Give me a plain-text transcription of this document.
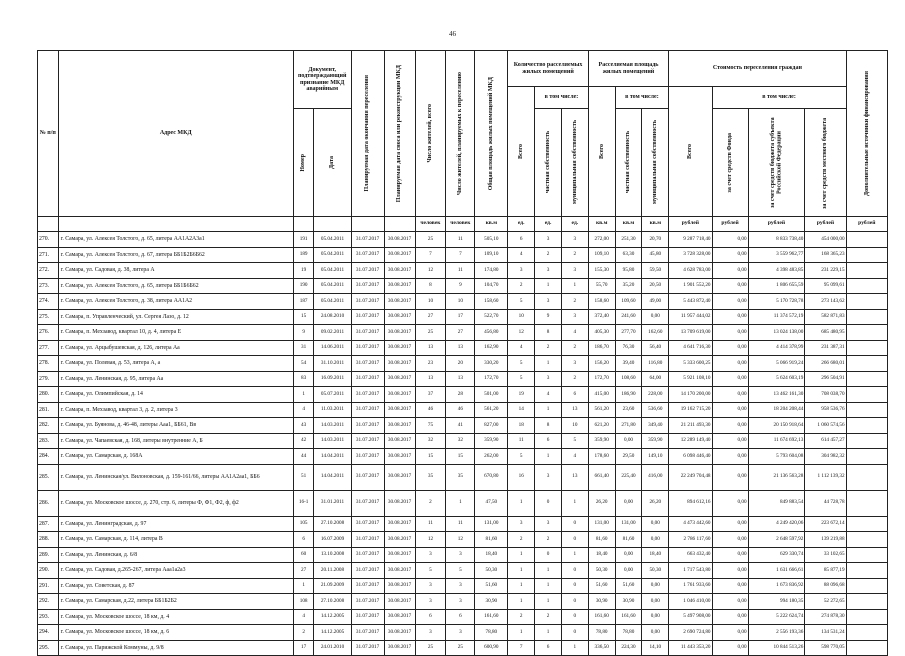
46
№ п/п	Адрес МКД	Документ, подтверждающий признание МКД аварийным		Планируемая дата окончания переселения	Планируемая дата сноса или реконструкции МКД	Число жителей, всего	Число жителей, планируемых к переселению	Общая площадь жилых помещений МКД	Количество расселяемых жилых помещений			Расселяемая площадь жилых помещений			Стоимость переселения граждан				Дополнительные источники финансирования

									Всего	в том числе:		Всего	в том числе:		Всего	в том числе:			

		Номер	Дата							частная собственность	муниципальная собственность		частная собственность	муниципальная собственность		за счет средств Фонда	за счет средств бюджета субъекта Российской Федерации	за счет средств местного бюджета	

						человек	человек	кв.м	ед.	ед.	ед.	кв.м	кв.м	кв.м	рублей	рублей	рублей	рублей	рублей
270.	г. Самара, ул. Алексея Толстого, д. 65, литера АА1А2А3а1	191	05.04.2011	31.07.2017	30.08.2017	25	11	505,10	6	3	3	272,00	251,30	20,70	9 287 718,40	0,00	8 833 738,40	454 000,00	
271.	г. Самара, ул. Алексея Толстого, д. 67, литера ББ1Б2Б6Б62	189	05.04.2011	31.07.2017	30.08.2017	7	7	109,10	4	2	2	109,10	63,30	45,80	3 728 328,00	0,00	3 559 962,77	168 365,23	
272.	г. Самара, ул. Садовая, д. 38, литера А	19	05.04.2011	31.07.2017	30.08.2017	12	11	174,80	3	3	3	155,30	95,80	59,50	4 628 783,00	0,00	4 398 483,85	231 229,15	
273.	г. Самара, ул. Алексея Толстого, д. 65, литера ББ1Б6Б62	190	05.04.2011	31.07.2017	30.08.2017	8	9	104,70	2	1	1	55,70	35,20	20,50	1 901 552,20	0,00	1 806 655,59	95 099,61	
274.	г. Самара, ул. Алексея Толстого, д. 38, литера АА1А2	187	05.04.2011	31.07.2017	30.08.2017	10	10	158,60	5	3	2	158,60	109,60	49,00	5 443 872,40	0,00	5 170 728,78	273 143,62	
275.	г. Самара, п. Управленческий, ул. Сергея Лазо, д. 12	15	24.08.2010	31.07.2017	30.08.2017	27	17	522,70	10	9	3	372,40	241,60	0,00	11 957 444,02	0,00	11 374 572,19	582 871,83	
276.	г. Самара, п. Мехзавод, квартал 10, д. 4, литера Е	9	09.02.2011	31.07.2017	30.08.2017	25	27	456,80	12	8	4	405,30	277,70	162,60	13 709 619,00	0,00	13 024 138,00	685 480,95	
277.	г. Самара, ул. Арцыбушевская, д. 126, литера Аа	31	14.06.2011	31.07.2017	30.08.2017	13	13	162,90	4	2	2	186,70	76,30	56,40	4 641 716,30	0,00	4 414 378,99	231 387,31	
278.	г. Самара, ул. Полевая, д. 53, литера А, а	54	31.10.2011	31.07.2017	30.08.2017	23	20	330,20	5	1	3	156,20	39,40	116,80	5 333 600,25	0,00	5 066 919,24	266 680,01	
279.	г. Самара, ул. Ленинская, д. 95, литера Аа	83	16.09.2011	31.07.2017	30.08.2017	13	13	172,70	5	3	2	172,70	108,60	64,00	5 921 108,10	0,00	5 624 603,19	296 504,91	
280.	г. Самара, ул. Олимпийская, д. 14	1	05.07.2011	31.07.2017	30.08.2017	37	28	501,00	19	4	6	415,00	186,90	228,00	14 170 200,00	0,00	13 462 161,30	708 038,70	
281.	г. Самара, п. Мехзавод, квартал 3, д. 2, литера 3	4	11.03.2011	31.07.2017	30.08.2017	46	46	561,20	14	1	13	561,20	23,60	536,60	19 162 715,20	0,00	18 204 208,44	958 536,76	
282.	г. Самара, ул. Буянова, д. 46-48, литеры Ааа1, ББ61, Вв	43	14.03.2011	31.07.2017	30.08.2017	75	41	827,00	18	8	10	621,20	271,80	349,40	21 211 493,30	0,00	20 150 918,64	1 060 574,56	
283.	г. Самара, ул. Чапаевская, д. 168, литеры внутренние А, Б	42	14.03.2011	31.07.2017	30.08.2017	32	32	359,90	11	6	5	359,90	0,00	359,90	12 289 149,40	0,00	11 674 692,13	614 457,27	
284.	г. Самара, ул. Самарская, д. 168А	44	14.04.2011	31.07.2017	30.08.2017	15	15	262,00	5	1	4	178,60	29,50	149,10	6 098 446,40	0,00	5 793 604,08	304 982,32	
285.	г. Самара, ул. Ленинская/ул. Вилоновская, д. 159-161/66, литеры АА1А2аа1, ББ6	51	14.04.2011	31.07.2017	30.08.2017	35	35	670,80	16	3	13	661,40	225,40	416,00	22 249 704,48	0,00	21 136 563,28	1 112 139,32	
286.	г. Самара, ул. Московское шоссе, д. 270, стр. 6, литеры Ф, Ф1, Ф2, ф, ф2	16-1	31.01.2011	31.07.2017	30.08.2017	2	1	47,50	1	0	1	26,20	0,00	26,20	894 612,16	0,00	849 883,54	44 728,78	
287.	г. Самара, ул. Ленинградская, д. 97	105	27.10.2008	31.07.2017	30.08.2017	11	11	131,00	3	3	0	131,00	131,00	0,00	4 473 442,60	0,00	4 249 420,06	223 672,14	
288.	г. Самара, ул. Самарская, д. 114, литера В	6	16.07.2009	31.07.2017	30.08.2017	12	12	81,60	2	2	0	81,60	81,60	0,00	2 786 117,60	0,00	2 648 597,92	139 219,88	
289.	г. Самара, ул. Ленинская, д. 6/8	60	13.10.2008	31.07.2017	30.08.2017	3	3	18,40	1	0	1	18,40	0,00	18,40	663 432,40	0,00	629 330,74	33 102,65	
290.	г. Самара, ул. Садовая, д.265-267, литера Ааа1а2а3	27	20.11.2008	31.07.2017	30.08.2017	5	5	50,30	1	1	0	50,30	0,00	50,30	1 717 543,80	0,00	1 631 666,61	85 877,19	
291.	г. Самара, ул. Советская, д. 87	1	21.09.2009	31.07.2017	30.08.2017	3	3	51,60	1	1	0	51,60	51,60	0,00	1 761 933,60	0,00	1 673 836,92	88 096,68	
292.	г. Самара, ул. Самарская, д.22, литера ББ1Б2Б2	108	27.10.2008	31.07.2017	30.08.2017	3	3	30,90	1	1	0	30,90	30,90	0,00	1 046 410,00	0,00	994 180,35	52 272,65	
293.	г. Самара, ул. Московское шоссе, 18 км, д. 4	4	14.12.2005	31.07.2017	30.08.2017	6	6	161,60	2	2	0	161,60	161,60	0,00	5 497 908,00	0,00	5 222 624,74	274 878,30	
294.	г. Самара, ул. Московское шоссе, 18 км, д. 6	2	14.12.2005	31.07.2017	30.08.2017	3	3	78,80	1	1	0	78,80	78,80	0,00	2 690 724,80	0,00	2 556 193,36	134 531,24	
295.	г. Самара, ул. Парижской Коммуны, д. 9/8	17	24.01.2010	31.07.2017	30.08.2017	25	25	600,90	7	6	1	336,50	224,30	14,10	11 443 353,20	0,00	10 844 513,26	598 770,05	
